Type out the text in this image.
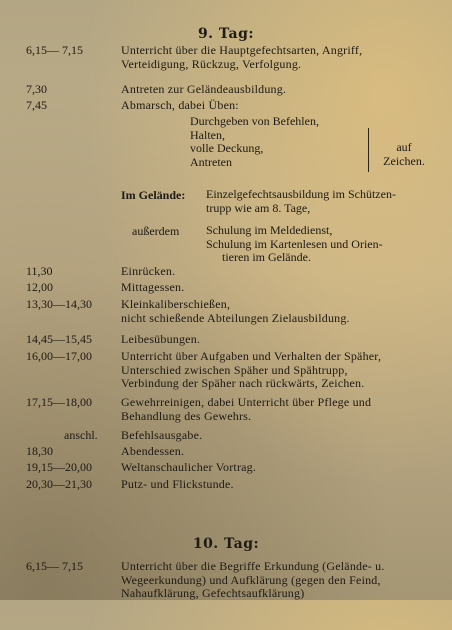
9. Tag:
6,15— 7,15	Unterricht über die Hauptgefechtsarten, Angriff,
Verteidigung, Rückzug, Verfolgung.
7,30	Antreten zur Geländeausbildung.
7,45	Abmarsch, dabei Üben:
Durchgeben von Befehlen,
Halten,
volle Deckung,
Antreten
auf
Zeichen.
Im Gelände: Einzelgefechtsausbildung im Schützen-
trupp wie am 8. Tage,
außerdem Schulung im Meldedienst,
Schulung im Kartenlesen und Orien-
tieren im Gelände.
11,30	Einrücken.
12,00	Mittagessen.
13,30—14,30	Kleinkaliberschießen,
nicht schießende Abteilungen Zielausbildung.
14,45—15,45	Leibesübungen.
16,00—17,00	Unterricht über Aufgaben und Verhalten der Späher,
Unterschied zwischen Späher und Spähtrupp,
Verbindung der Späher nach rückwärts, Zeichen.
17,15—18,00	Gewehrreinigen, dabei Unterricht über Pflege und
Behandlung des Gewehrs.
anschl.	Befehlsausgabe.
18,30	Abendessen.
19,15—20,00	Weltanschaulicher Vortrag.
20,30—21,30	Putz- und Flickstunde.
10. Tag:
6,15— 7,15	Unterricht über die Begriffe Erkundung (Gelände- u.
Wegeerkundung) und Aufklärung (gegen den Feind,
Nahaufklärung, Gefechtsaufklärung)
